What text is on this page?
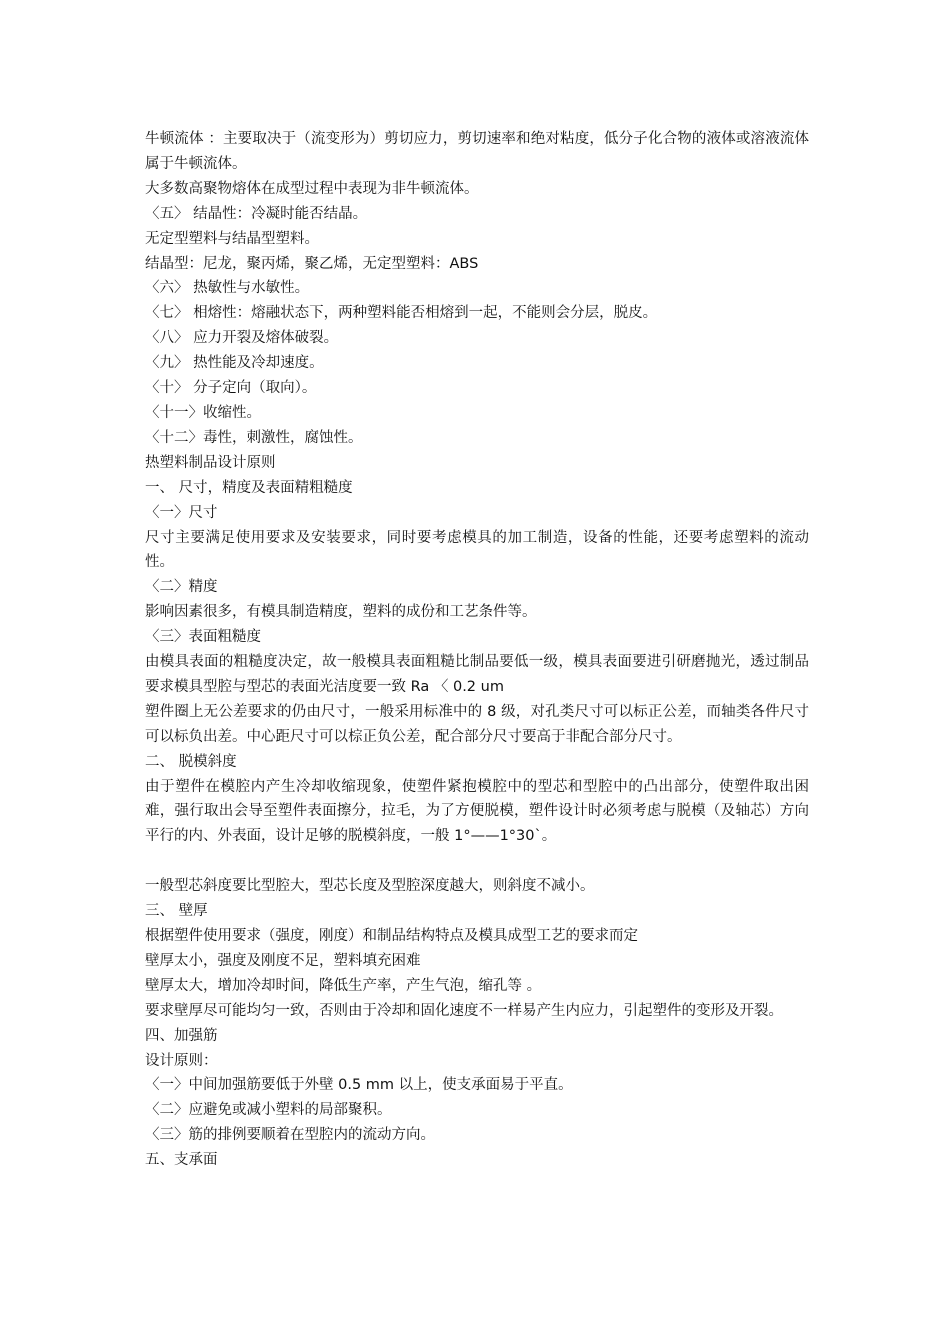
牛顿流体 ：主要取决于（流变形为）剪切应力，剪切速率和绝对粘度，低分子化合物的液体或溶液流体属于牛顿流体。

大多数高聚物熔体在成型过程中表现为非牛顿流体。

〈五〉 结晶性：冷凝时能否结晶。

无定型塑料与结晶型塑料。

结晶型：尼龙，聚丙烯，聚乙烯，无定型塑料：ABS

〈六〉 热敏性与水敏性。

〈七〉 相熔性：熔融状态下，两种塑料能否相熔到一起，不能则会分层，脱皮。

〈八〉 应力开裂及熔体破裂。

〈九〉 热性能及冷却速度。

〈十〉 分子定向（取向）。

〈十一〉收缩性。

〈十二〉毒性，刺激性，腐蚀性。

热塑料制品设计原则

一、 尺寸，精度及表面精粗糙度

〈一〉尺寸

尺寸主要满足使用要求及安装要求，同时要考虑模具的加工制造，设备的性能，还要考虑塑料的流动性。

〈二〉精度

影响因素很多，有模具制造精度，塑料的成份和工艺条件等。

〈三〉表面粗糙度

由模具表面的粗糙度决定，故一般模具表面粗糙比制品要低一级，模具表面要进引研磨抛光，透过制品要求模具型腔与型芯的表面光洁度要一致 Ra 〈 0.2 um

塑件圈上无公差要求的仍由尺寸，一般采用标准中的 8 级，对孔类尺寸可以标正公差，而轴类各件尺寸可以标负出差。中心距尺寸可以棕正负公差，配合部分尺寸要高于非配合部分尺寸。

二、 脱模斜度

由于塑件在模腔内产生冷却收缩现象，使塑件紧抱模腔中的型芯和型腔中的凸出部分，使塑件取出困难，强行取出会导至塑件表面擦分，拉毛，为了方便脱模，塑件设计时必须考虑与脱模（及轴芯）方向平行的内、外表面，设计足够的脱模斜度，一般 1°——1°30`。

一般型芯斜度要比型腔大，型芯长度及型腔深度越大，则斜度不减小。

三、 壁厚

根据塑件使用要求（强度，刚度）和制品结构特点及模具成型工艺的要求而定

壁厚太小，强度及刚度不足，塑料填充困难

壁厚太大，增加冷却时间，降低生产率，产生气泡，缩孔等 。

要求壁厚尽可能均匀一致，否则由于冷却和固化速度不一样易产生内应力，引起塑件的变形及开裂。

四、加强筋

设计原则：

〈一〉中间加强筋要低于外壁 0.5 mm 以上，使支承面易于平直。

〈二〉应避免或减小塑料的局部聚积。

〈三〉筋的排例要顺着在型腔内的流动方向。

五、支承面
